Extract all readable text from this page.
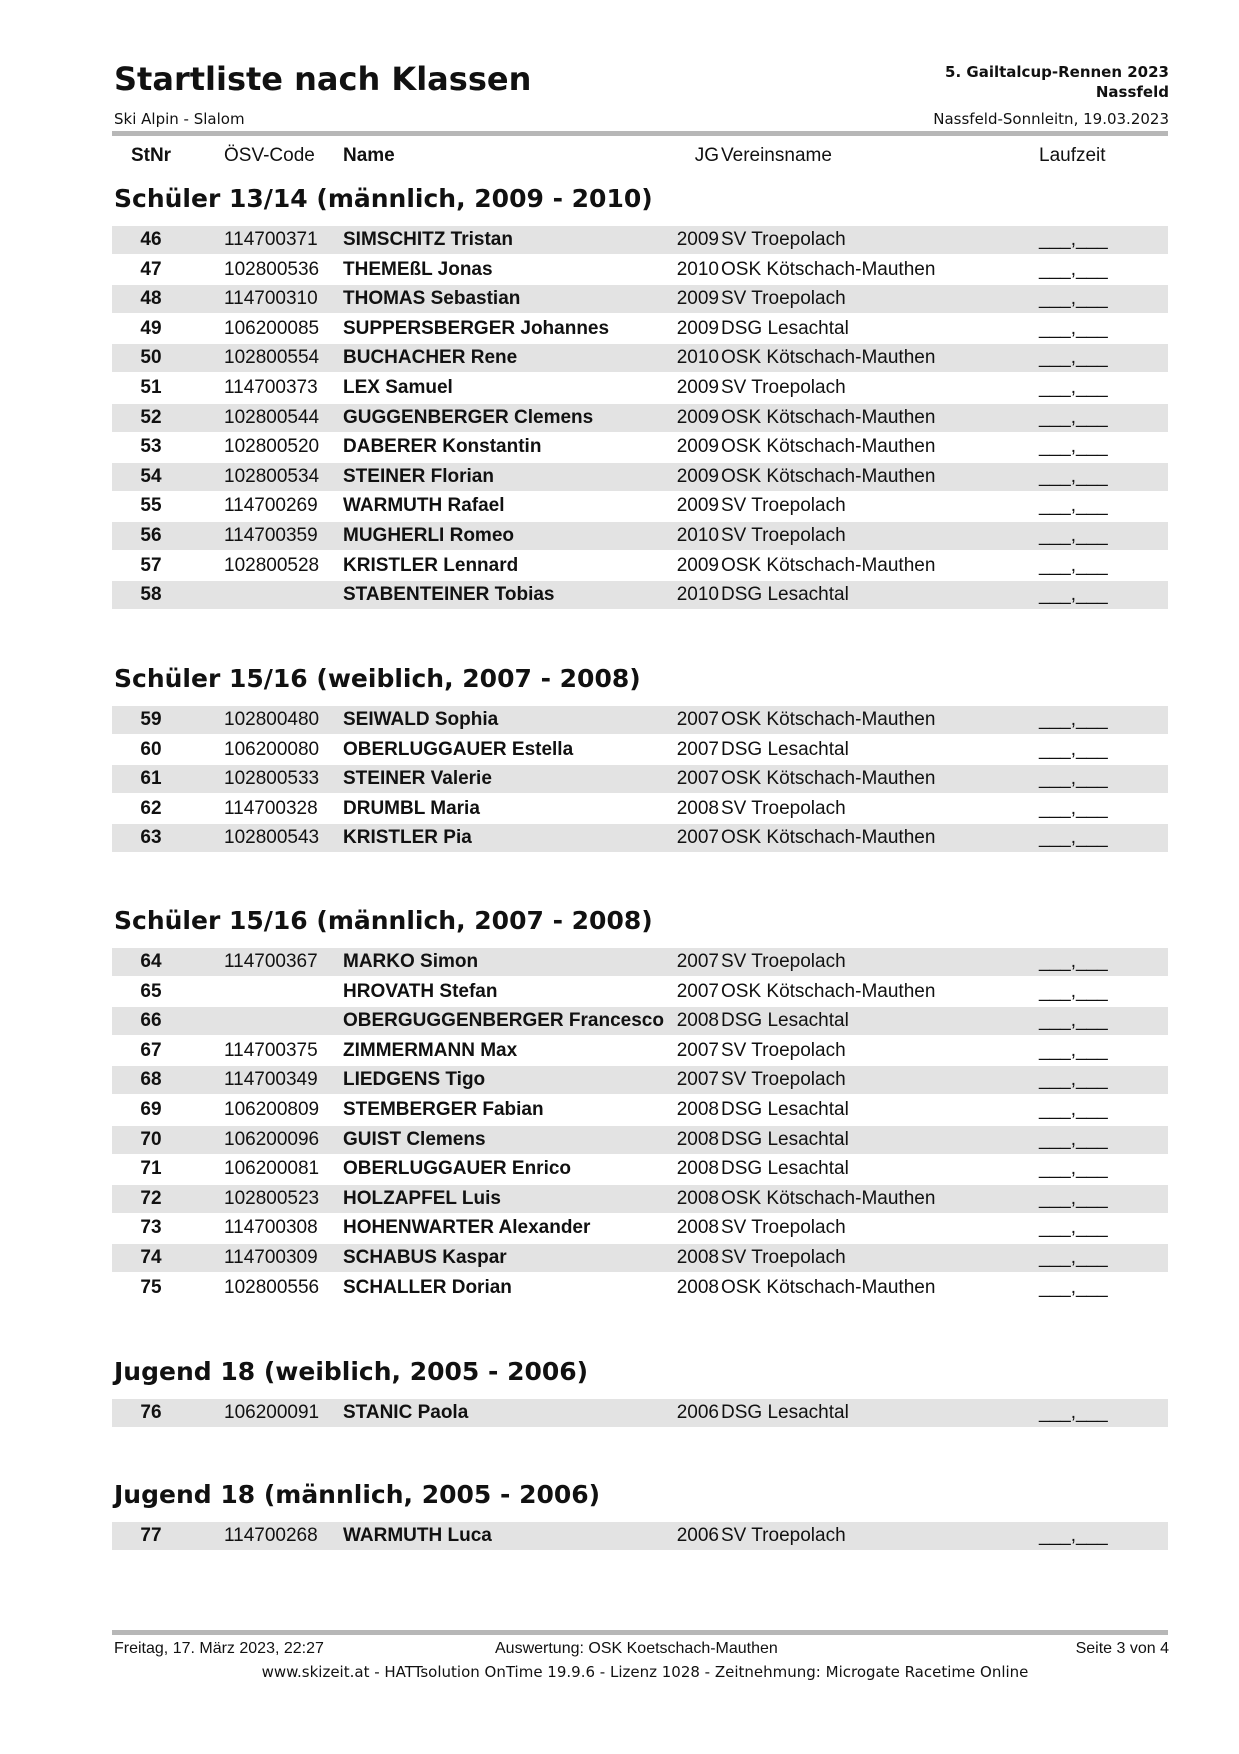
Startliste nach Klassen
Ski Alpin - Slalom
5. Gailtalcup-Rennen 2023
Nassfeld
Nassfeld-Sonnleitn, 19.03.2023
StNr	ÖSV-Code Name	JG Vereinsname	Laufzeit
Schüler 13/14 (männlich, 2009 - 2010)
46	114700371 SIMSCHITZ Tristan	2009 SV Troepolach	___,___
47	102800536 THEMEßL Jonas	2010 OSK Kötschach-Mauthen	___,___
48	114700310 THOMAS Sebastian	2009 SV Troepolach	___,___
49	106200085 SUPPERSBERGER Johannes	2009 DSG Lesachtal	___,___
50	102800554 BUCHACHER Rene	2010 OSK Kötschach-Mauthen	___,___
51	114700373 LEX Samuel	2009 SV Troepolach	___,___
52	102800544 GUGGENBERGER Clemens	2009 OSK Kötschach-Mauthen	___,___
53	102800520 DABERER Konstantin	2009 OSK Kötschach-Mauthen	___,___
54	102800534 STEINER Florian	2009 OSK Kötschach-Mauthen	___,___
55	114700269 WARMUTH Rafael	2009 SV Troepolach	___,___
56	114700359 MUGHERLI Romeo	2010 SV Troepolach	___,___
57	102800528 KRISTLER Lennard	2009 OSK Kötschach-Mauthen	___,___
58	STABENTEINER Tobias	2010 DSG Lesachtal	___,___
Schüler 15/16 (weiblich, 2007 - 2008)
59	102800480 SEIWALD Sophia	2007 OSK Kötschach-Mauthen	___,___
60	106200080 OBERLUGGAUER Estella	2007 DSG Lesachtal	___,___
61	102800533 STEINER Valerie	2007 OSK Kötschach-Mauthen	___,___
62	114700328 DRUMBL Maria	2008 SV Troepolach	___,___
63	102800543 KRISTLER Pia	2007 OSK Kötschach-Mauthen	___,___
Schüler 15/16 (männlich, 2007 - 2008)
64	114700367 MARKO Simon	2007 SV Troepolach	___,___
65	HROVATH Stefan	2007 OSK Kötschach-Mauthen	___,___
66	OBERGUGGENBERGER Francesco 2008 DSG Lesachtal	___,___
67	114700375 ZIMMERMANN Max	2007 SV Troepolach	___,___
68	114700349 LIEDGENS Tigo	2007 SV Troepolach	___,___
69	106200809 STEMBERGER Fabian	2008 DSG Lesachtal	___,___
70	106200096 GUIST Clemens	2008 DSG Lesachtal	___,___
71	106200081 OBERLUGGAUER Enrico	2008 DSG Lesachtal	___,___
72	102800523 HOLZAPFEL Luis	2008 OSK Kötschach-Mauthen	___,___
73	114700308 HOHENWARTER Alexander	2008 SV Troepolach	___,___
74	114700309 SCHABUS Kaspar	2008 SV Troepolach	___,___
75	102800556 SCHALLER Dorian	2008 OSK Kötschach-Mauthen	___,___
Jugend 18 (weiblich, 2005 - 2006)
76	106200091 STANIC Paola	2006 DSG Lesachtal	___,___
Jugend 18 (männlich, 2005 - 2006)
77	114700268 WARMUTH Luca	2006 SV Troepolach	___,___
Freitag, 17. März 2023, 22:27	Auswertung: OSK Koetschach-Mauthen	Seite 3 von 4
www.skizeit.at - HATTsolution OnTime 19.9.6 - Lizenz 1028 - Zeitnehmung: Microgate Racetime Online
